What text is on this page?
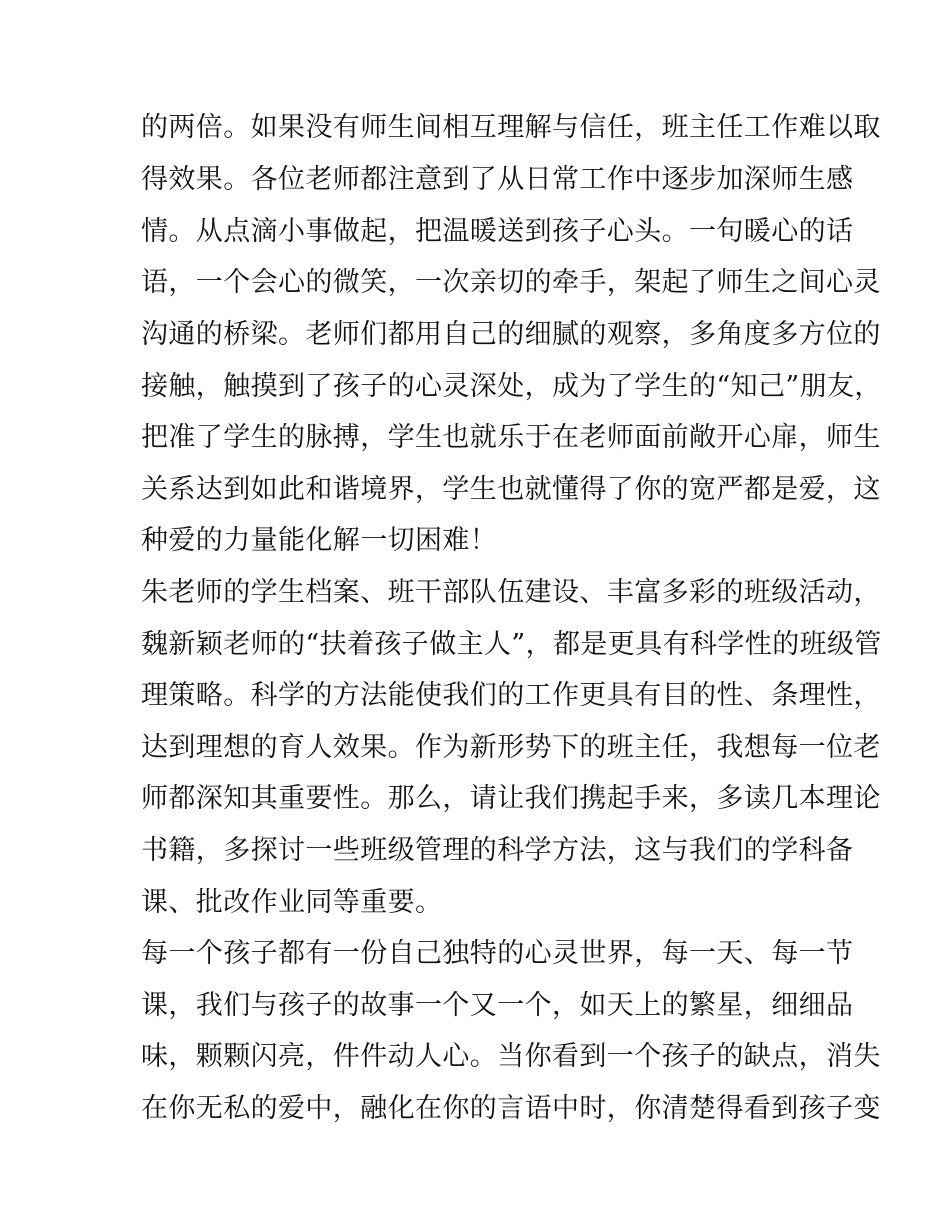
的两倍。如果没有师生间相互理解与信任，班主任工作难以取
得效果。各位老师都注意到了从日常工作中逐步加深师生感
情。从点滴小事做起，把温暖送到孩子心头。一句暖心的话
语，一个会心的微笑，一次亲切的牵手，架起了师生之间心灵
沟通的桥梁。老师们都用自己的细腻的观察，多角度多方位的
接触，触摸到了孩子的心灵深处，成为了学生的“知己”朋友，
把准了学生的脉搏，学生也就乐于在老师面前敞开心扉，师生
关系达到如此和谐境界，学生也就懂得了你的宽严都是爱，这
种爱的力量能化解一切困难！
朱老师的学生档案、班干部队伍建设、丰富多彩的班级活动，
魏新颖老师的“扶着孩子做主人”，都是更具有科学性的班级管
理策略。科学的方法能使我们的工作更具有目的性、条理性，
达到理想的育人效果。作为新形势下的班主任，我想每一位老
师都深知其重要性。那么，请让我们携起手来，多读几本理论
书籍，多探讨一些班级管理的科学方法，这与我们的学科备
课、批改作业同等重要。
每一个孩子都有一份自己独特的心灵世界，每一天、每一节
课，我们与孩子的故事一个又一个，如天上的繁星，细细品
味，颗颗闪亮，件件动人心。当你看到一个孩子的缺点，消失
在你无私的爱中，融化在你的言语中时，你清楚得看到孩子变
